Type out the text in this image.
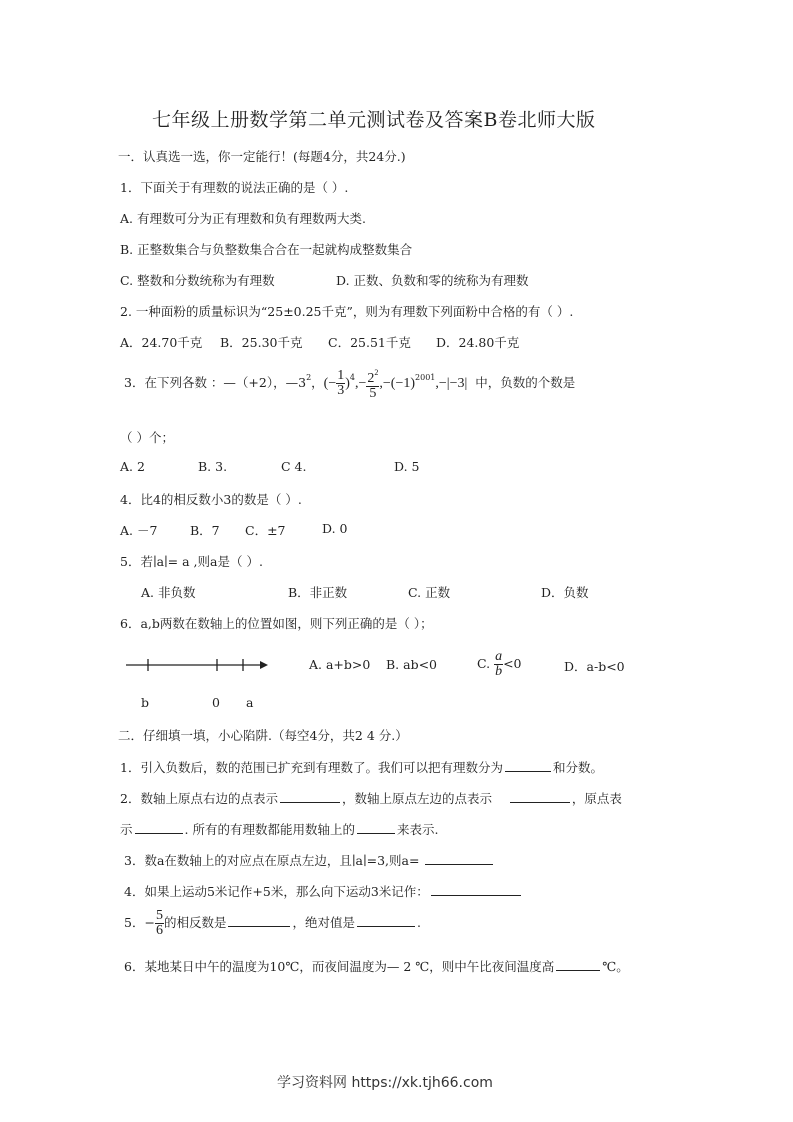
七年级上册数学第二单元测试卷及答案B卷北师大版
一．认真选一选，你一定能行！(每题4分，共24分.)
1．下面关于有理数的说法正确的是（ ）.
A. 有理数可分为正有理数和负有理数两大类.
B. 正整数集合与负整数集合合在一起就构成整数集合
C. 整数和分数统称为有理数	D. 正数、负数和零的统称为有理数
2. 一种面粉的质量标识为“25±0.25千克”，则为有理数下列面粉中合格的有（ ）.
A．24.70千克 B．25.30千克 C．25.51千克 D．24.80千克
3．在下列各数 ：—（+2），$—3^2$，(− $\frac{1}{3} )^4,- \frac{2^2}{5} ,-(-1)^{2001},-|-3|$ 中，负数的个数是
（ ）个；
A. 2	B. 3.	C 4.	D. 5
4．比4的相反数小3的数是（ ）.
A. －7	B．7 C．±7	D. 0
5．若∣a∣= a ,则a是（ ）.
A. 非负数	B．非正数	C. 正数	D．负数
6．a,b两数在数轴上的位置如图，则下列正确的是（ ）；
A. a+b>0 B. ab<0	C. $\frac{a}{b} <0$	D．a-b<0
b	0 a
二．仔细填一填，小心陷阱.（每空4分，共2 4 分.）
1．引入负数后，数的范围已扩充到有理数了。我们可以把有理数分为	和分数。
2．数轴上原点右边的点表示	，数轴上原点左边的点表示	，原点表
示	. 所有的有理数都能用数轴上的	来表示.
3．数a在数轴上的对应点在原点左边，且∣a∣=3,则a=
4．如果上运动5米记作+5米，那么向下运动3米记作：
5．− $\frac{5}{6}$ 的相反数是	，绝对值是	.
6．某地某日中午的温度为10℃，而夜间温度为— 2 ℃，则中午比夜间温度高	℃。
学习资料网 https://xk.tjh66.com
